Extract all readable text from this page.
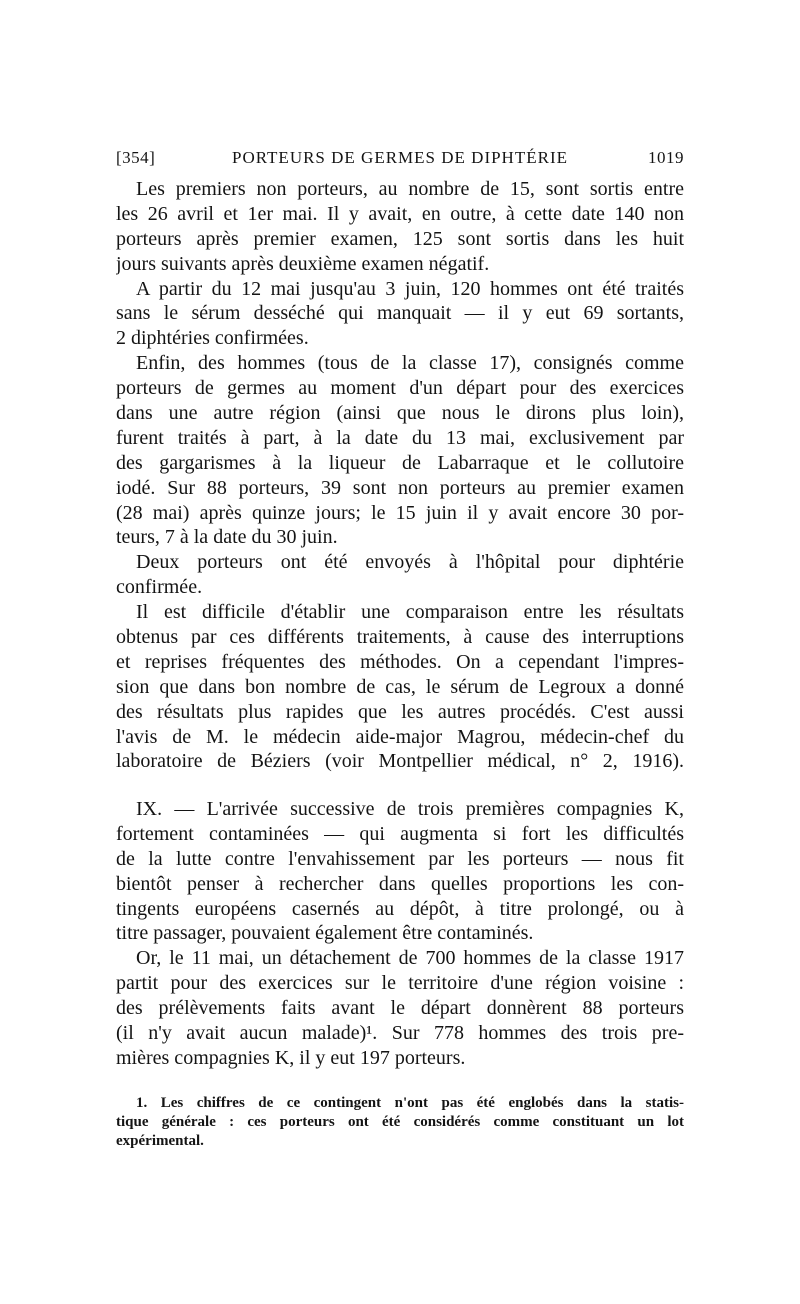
[354]	PORTEURS DE GERMES DE DIPHTÉRIE	1019
Les premiers non porteurs, au nombre de 15, sont sortis entre
les 26 avril et 1er mai. Il y avait, en outre, à cette date 140 non
porteurs après premier examen, 125 sont sortis dans les huit
jours suivants après deuxième examen négatif.
A partir du 12 mai jusqu'au 3 juin, 120 hommes ont été traités
sans le sérum desséché qui manquait — il y eut 69 sortants,
2 diphtéries confirmées.
Enfin, des hommes (tous de la classe 17), consignés comme
porteurs de germes au moment d'un départ pour des exercices
dans une autre région (ainsi que nous le dirons plus loin),
furent traités à part, à la date du 13 mai, exclusivement par
des gargarismes à la liqueur de Labarraque et le collutoire
iodé. Sur 88 porteurs, 39 sont non porteurs au premier examen
(28 mai) après quinze jours; le 15 juin il y avait encore 30 por-
teurs, 7 à la date du 30 juin.
Deux porteurs ont été envoyés à l'hôpital pour diphtérie
confirmée.
Il est difficile d'établir une comparaison entre les résultats
obtenus par ces différents traitements, à cause des interruptions
et reprises fréquentes des méthodes. On a cependant l'impres-
sion que dans bon nombre de cas, le sérum de Legroux a donné
des résultats plus rapides que les autres procédés. C'est aussi
l'avis de M. le médecin aide-major Magrou, médecin-chef du
laboratoire de Béziers (voir Montpellier médical, n° 2, 1916).
IX. — L'arrivée successive de trois premières compagnies K,
fortement contaminées — qui augmenta si fort les difficultés
de la lutte contre l'envahissement par les porteurs — nous fit
bientôt penser à rechercher dans quelles proportions les con-
tingents européens casernés au dépôt, à titre prolongé, ou à
titre passager, pouvaient également être contaminés.
Or, le 11 mai, un détachement de 700 hommes de la classe 1917
partit pour des exercices sur le territoire d'une région voisine :
des prélèvements faits avant le départ donnèrent 88 porteurs
(il n'y avait aucun malade)¹. Sur 778 hommes des trois pre-
mières compagnies K, il y eut 197 porteurs.
1. Les chiffres de ce contingent n'ont pas été englobés dans la statis-
tique générale : ces porteurs ont été considérés comme constituant un lot
expérimental.
